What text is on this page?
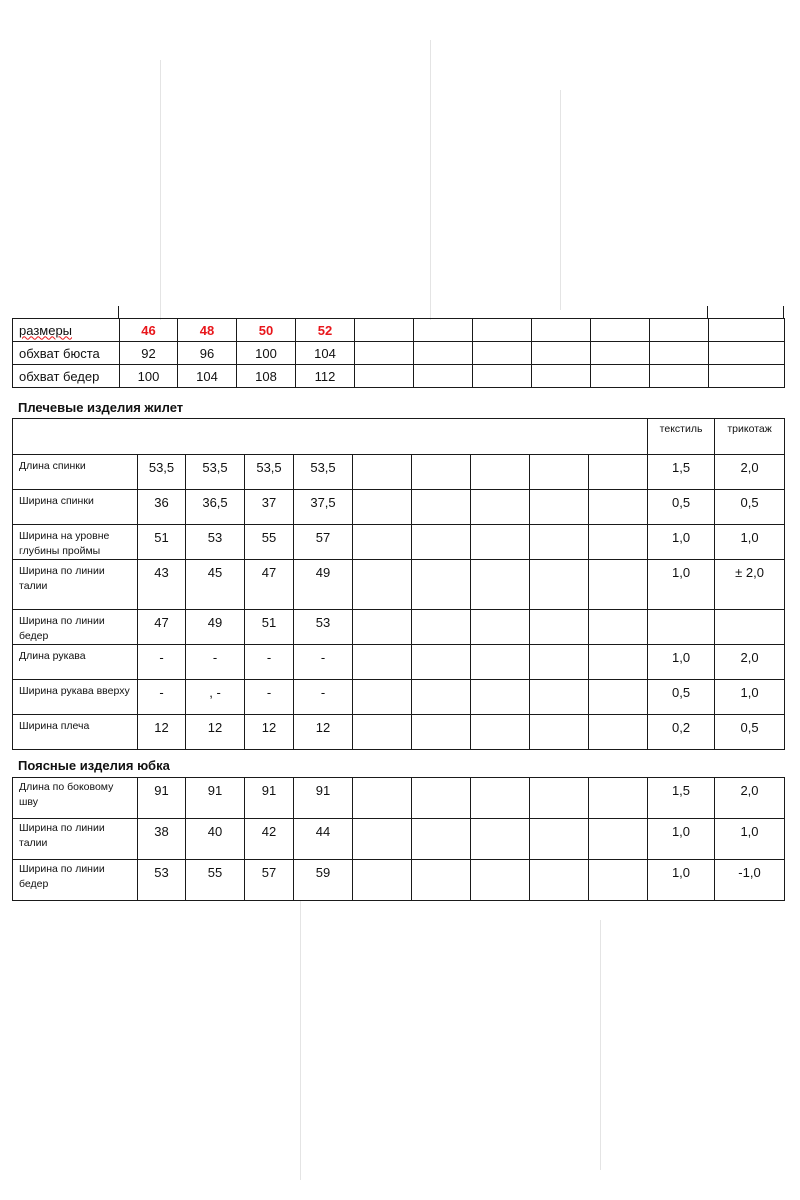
размеры	46	48	50	52							
обхват бюста	92	96	100	104							
обхват бедер	100	104	108	112							
Плечевые изделия жилет
										текстиль	трикотаж
Длина спинки	53,5	53,5	53,5	53,5						1,5	2,0
Ширина спинки	36	36,5	37	37,5						0,5	0,5
Ширина на уровне глубины проймы	51	53	55	57						1,0	1,0
Ширина по линии талии	43	45	47	49						1,0	± 2,0
Ширина по линии бедер	47	49	51	53							
Длина рукава	-	-	-	-						1,0	2,0
Ширина рукава вверху	-	, -	-	-						0,5	1,0
Ширина плеча	12	12	12	12						0,2	0,5
Поясные изделия юбка
Длина по боковому шву	91	91	91	91						1,5	2,0
Ширина по линии талии	38	40	42	44						1,0	1,0
Ширина по линии бедер	53	55	57	59						1,0	-1,0
